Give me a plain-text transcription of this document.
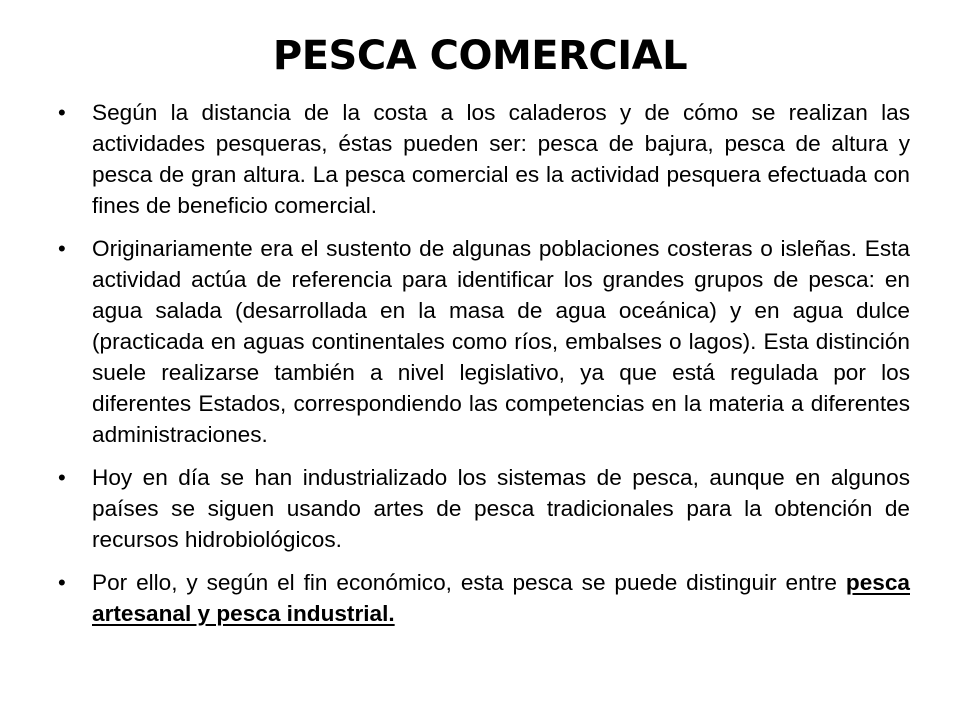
PESCA COMERCIAL
•	Según la distancia de la costa a los caladeros y de cómo se realizan las actividades pesqueras, éstas pueden ser: pesca de bajura, pesca de altura y pesca de gran altura. La pesca comercial es la actividad pesquera efectuada con fines de beneficio comercial.
•	Originariamente era el sustento de algunas poblaciones costeras o isleñas. Esta actividad actúa de referencia para identificar los grandes grupos de pesca: en agua salada (desarrollada en la masa de agua oceánica) y en agua dulce (practicada en aguas continentales como ríos, embalses o lagos). Esta distinción suele realizarse también a nivel legislativo, ya que está regulada por los diferentes Estados, correspondiendo las competencias en la materia a diferentes administraciones.
•	Hoy en día se han industrializado los sistemas de pesca, aunque en algunos países se siguen usando artes de pesca tradicionales para la obtención de recursos hidrobiológicos.
•	Por ello, y según el fin económico, esta pesca se puede distinguir entre pesca artesanal y pesca industrial.
